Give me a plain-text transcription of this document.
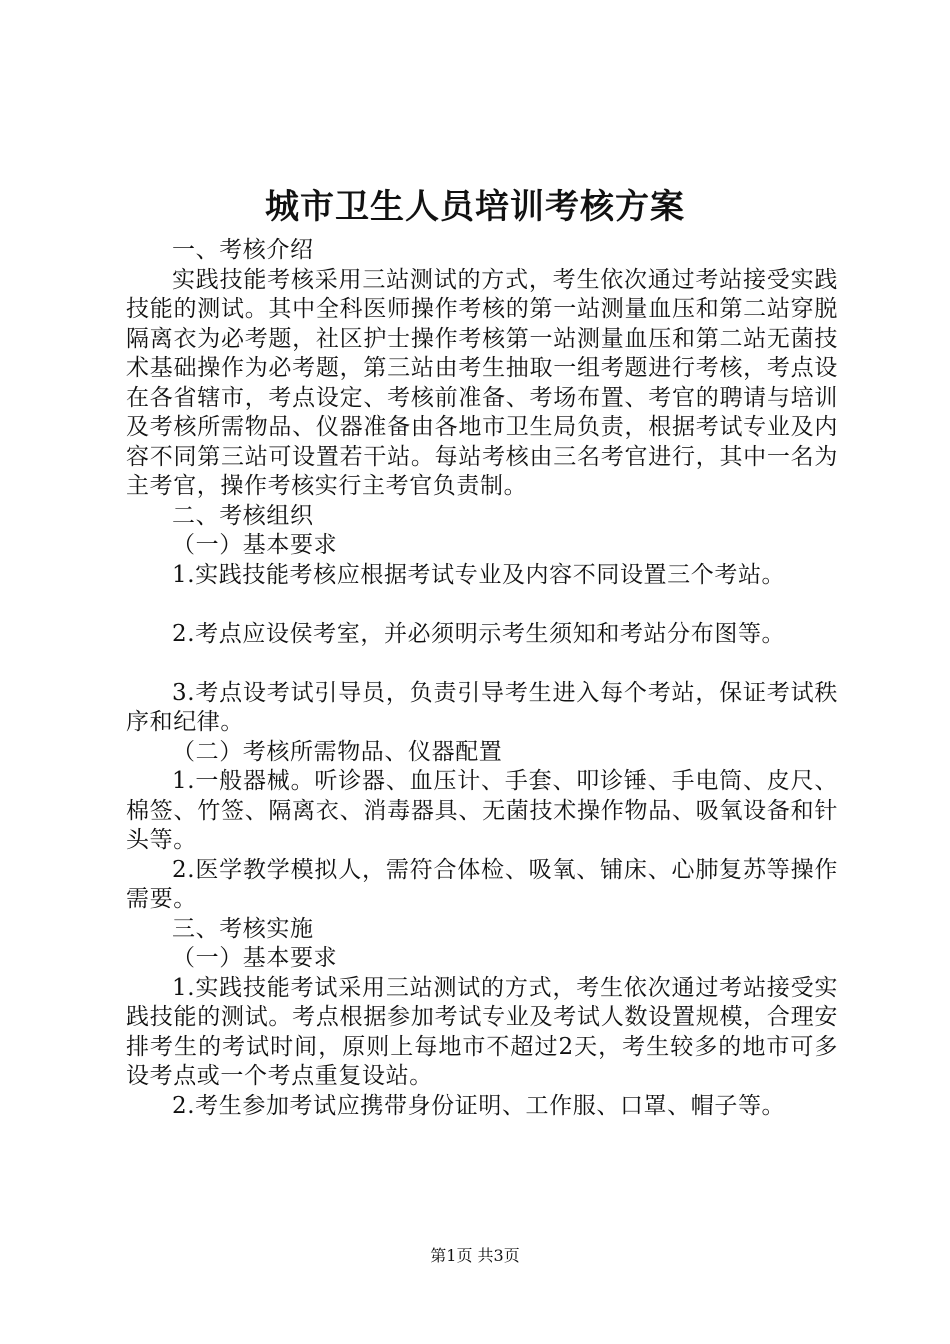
城市卫生人员培训考核方案

一、考核介绍

实践技能考核采用三站测试的方式，考生依次通过考站接受实践技能的测试。其中全科医师操作考核的第一站测量血压和第二站穿脱隔离衣为必考题，社区护士操作考核第一站测量血压和第二站无菌技术基础操作为必考题，第三站由考生抽取一组考题进行考核，考点设在各省辖市，考点设定、考核前准备、考场布置、考官的聘请与培训及考核所需物品、仪器准备由各地市卫生局负责，根据考试专业及内容不同第三站可设置若干站。每站考核由三名考官进行，其中一名为主考官，操作考核实行主考官负责制。

二、考核组织

（一）基本要求

1.实践技能考核应根据考试专业及内容不同设置三个考站。

2.考点应设侯考室，并必须明示考生须知和考站分布图等。

3.考点设考试引导员，负责引导考生进入每个考站，保证考试秩序和纪律。

（二）考核所需物品、仪器配置

1.一般器械。听诊器、血压计、手套、叩诊锤、手电筒、皮尺、棉签、竹签、隔离衣、消毒器具、无菌技术操作物品、吸氧设备和针头等。

2.医学教学模拟人，需符合体检、吸氧、铺床、心肺复苏等操作需要。

三、考核实施

（一）基本要求

1.实践技能考试采用三站测试的方式，考生依次通过考站接受实践技能的测试。考点根据参加考试专业及考试人数设置规模，合理安排考生的考试时间，原则上每地市不超过2天，考生较多的地市可多设考点或一个考点重复设站。

2.考生参加考试应携带身份证明、工作服、口罩、帽子等。

第1页 共3页
